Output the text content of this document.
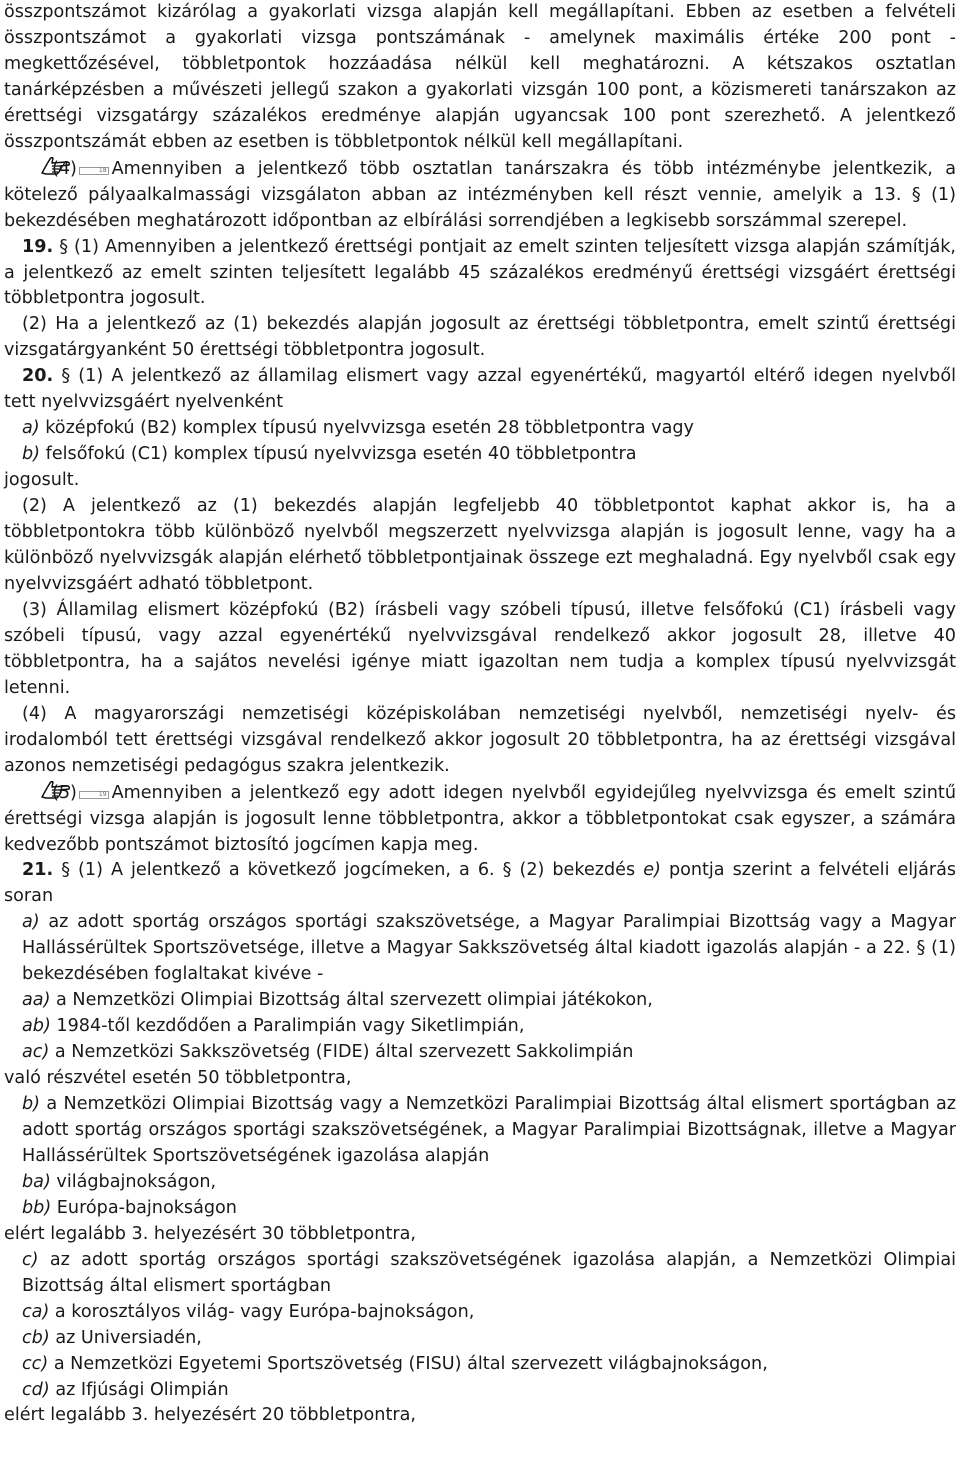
összpontszámot kizárólag a gyakorlati vizsga alapján kell megállapítani. Ebben az esetben a felvételi összpontszámot a gyakorlati vizsga pontszámának - amelynek maximális értéke 200 pont - megkettőzésével, többletpontok hozzáadása nélkül kell meghatározni. A kétszakos osztatlan tanárképzésben a művészeti jellegű szakon a gyakorlati vizsgán 100 pont, a közismereti tanárszakon az érettségi vizsgatárgy százalékos eredménye alapján ugyancsak 100 pont szerezhető. A jelentkező összpontszámát ebben az esetben is többletpontok nélkül kell megállapítani.

(4)	18 Amennyiben a jelentkező több osztatlan tanárszakra és több intézménybe jelentkezik, a kötelező pályaalkalmassági vizsgálaton abban az intézményben kell részt vennie, amelyik a 13. § (1) bekezdésében meghatározott időpontban az elbírálási sorrendjében a legkisebb sorszámmal szerepel.

19. § (1) Amennyiben a jelentkező érettségi pontjait az emelt szinten teljesített vizsga alapján számítják, a jelentkező az emelt szinten teljesített legalább 45 százalékos eredményű érettségi vizsgáért érettségi többletpontra jogosult.

(2) Ha a jelentkező az (1) bekezdés alapján jogosult az érettségi többletpontra, emelt szintű érettségi vizsgatárgyanként 50 érettségi többletpontra jogosult.

20. § (1) A jelentkező az államilag elismert vagy azzal egyenértékű, magyartól eltérő idegen nyelvből tett nyelvvizsgáért nyelvenként

a) középfokú (B2) komplex típusú nyelvvizsga esetén 28 többletpontra vagy

b) felsőfokú (C1) komplex típusú nyelvvizsga esetén 40 többletpontra

jogosult.

(2) A jelentkező az (1) bekezdés alapján legfeljebb 40 többletpontot kaphat akkor is, ha a többletpontokra több különböző nyelvből megszerzett nyelvvizsga alapján is jogosult lenne, vagy ha a különböző nyelvvizsgák alapján elérhető többletpontjainak összege ezt meghaladná. Egy nyelvből csak egy nyelvvizsgáért adható többletpont.

(3) Államilag elismert középfokú (B2) írásbeli vagy szóbeli típusú, illetve felsőfokú (C1) írásbeli vagy szóbeli típusú, vagy azzal egyenértékű nyelvvizsgával rendelkező akkor jogosult 28, illetve 40 többletpontra, ha a sajátos nevelési igénye miatt igazoltan nem tudja a komplex típusú nyelvvizsgát letenni.

(4) A magyarországi nemzetiségi középiskolában nemzetiségi nyelvből, nemzetiségi nyelv- és irodalomból tett érettségi vizsgával rendelkező akkor jogosult 20 többletpontra, ha az érettségi vizsgával azonos nemzetiségi pedagógus szakra jelentkezik.

(5)	19 Amennyiben a jelentkező egy adott idegen nyelvből egyidejűleg nyelvvizsga és emelt szintű érettségi vizsga alapján is jogosult lenne többletpontra, akkor a többletpontokat csak egyszer, a számára kedvezőbb pontszámot biztosító jogcímen kapja meg.

21. § (1) A jelentkező a következő jogcímeken, a 6. § (2) bekezdés e) pontja szerint a felvételi eljárás soran

a) az adott sportág országos sportági szakszövetsége, a Magyar Paralimpiai Bizottság vagy a Magyar Hallássérültek Sportszövetsége, illetve a Magyar Sakkszövetség által kiadott igazolás alapján - a 22. § (1) bekezdésében foglaltakat kivéve -

aa) a Nemzetközi Olimpiai Bizottság által szervezett olimpiai játékokon,

ab) 1984-től kezdődően a Paralimpián vagy Siketlimpián,

ac) a Nemzetközi Sakkszövetség (FIDE) által szervezett Sakkolimpián

való részvétel esetén 50 többletpontra,

b) a Nemzetközi Olimpiai Bizottság vagy a Nemzetközi Paralimpiai Bizottság által elismert sportágban az adott sportág országos sportági szakszövetségének, a Magyar Paralimpiai Bizottságnak, illetve a Magyar Hallássérültek Sportszövetségének igazolása alapján

ba) világbajnokságon,

bb) Európa-bajnokságon

elért legalább 3. helyezésért 30 többletpontra,

c) az adott sportág országos sportági szakszövetségének igazolása alapján, a Nemzetközi Olimpiai Bizottság által elismert sportágban

ca) a korosztályos világ- vagy Európa-bajnokságon,

cb) az Universiadén,

cc) a Nemzetközi Egyetemi Sportszövetség (FISU) által szervezett világbajnokságon,

cd) az Ifjúsági Olimpián

elért legalább 3. helyezésért 20 többletpontra,
